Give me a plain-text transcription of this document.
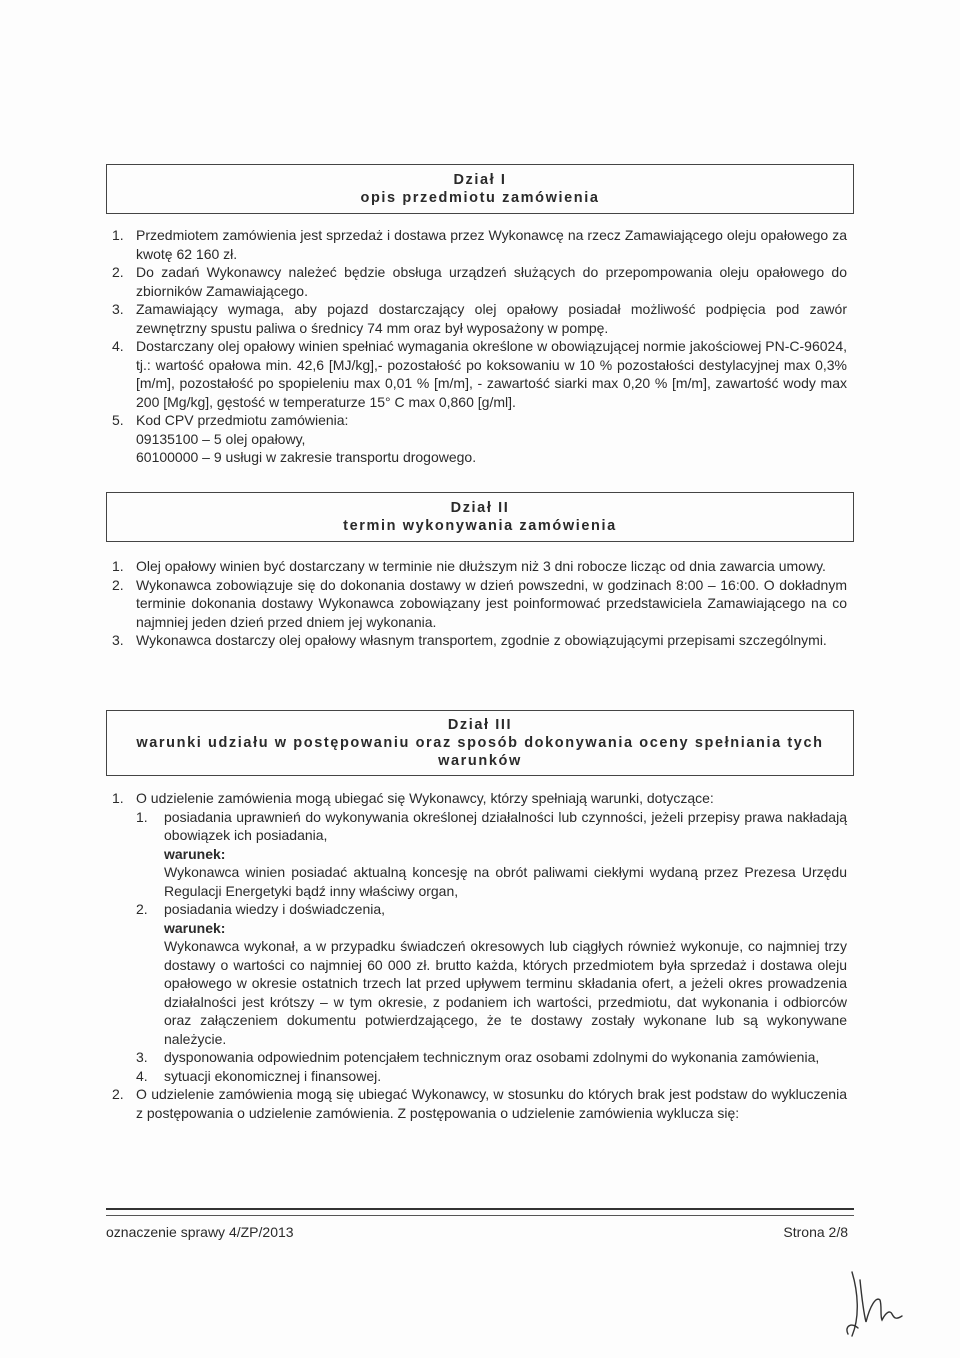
Dział I
opis przedmiotu zamówienia
1. Przedmiotem zamówienia jest sprzedaż i dostawa przez Wykonawcę na rzecz Zamawiającego oleju opałowego za kwotę 62 160 zł.
2. Do zadań Wykonawcy należeć będzie obsługa urządzeń służących do przepompowania oleju opałowego do zbiorników Zamawiającego.
3. Zamawiający wymaga, aby pojazd dostarczający olej opałowy posiadał możliwość podpięcia pod zawór zewnętrzny spustu paliwa o średnicy 74 mm oraz był wyposażony w pompę.
4. Dostarczany olej opałowy winien spełniać wymagania określone w obowiązującej normie jakościowej PN-C-96024, tj.: wartość opałowa min. 42,6 [MJ/kg],- pozostałość po koksowaniu w 10 % pozostałości destylacyjnej max 0,3% [m/m], pozostałość po spopieleniu max 0,01 % [m/m], - zawartość siarki max 0,20 % [m/m], zawartość wody max 200 [Mg/kg], gęstość w temperaturze 15° C max 0,860 [g/ml].
5. Kod CPV przedmiotu zamówienia:
09135100 – 5 olej opałowy,
60100000 – 9 usługi w zakresie transportu drogowego.
Dział II
termin wykonywania zamówienia
1. Olej opałowy winien być dostarczany w terminie nie dłuższym niż 3 dni robocze licząc od dnia zawarcia umowy.
2. Wykonawca zobowiązuje się do dokonania dostawy w dzień powszedni, w godzinach 8:00 – 16:00. O dokładnym terminie dokonania dostawy Wykonawca zobowiązany jest poinformować przedstawiciela Zamawiającego na co najmniej jeden dzień przed dniem jej wykonania.
3. Wykonawca dostarczy olej opałowy własnym transportem, zgodnie z obowiązującymi przepisami szczególnymi.
Dział III
warunki udziału w postępowaniu oraz sposób dokonywania oceny spełniania tych warunków
1. O udzielenie zamówienia mogą ubiegać się Wykonawcy, którzy spełniają warunki, dotyczące:
1. posiadania uprawnień do wykonywania określonej działalności lub czynności, jeżeli przepisy prawa nakładają obowiązek ich posiadania,
warunek:
Wykonawca winien posiadać aktualną koncesję na obrót paliwami ciekłymi wydaną przez Prezesa Urzędu Regulacji Energetyki bądź inny właściwy organ,
2. posiadania wiedzy i doświadczenia,
warunek:
Wykonawca wykonał, a w przypadku świadczeń okresowych lub ciągłych również wykonuje, co najmniej trzy dostawy o wartości co najmniej 60 000 zł. brutto każda, których przedmiotem była sprzedaż i dostawa oleju opałowego w okresie ostatnich trzech lat przed upływem terminu składania ofert, a jeżeli okres prowadzenia działalności jest krótszy – w tym okresie, z podaniem ich wartości, przedmiotu, dat wykonania i odbiorców oraz załączeniem dokumentu potwierdzającego, że te dostawy zostały wykonane lub są wykonywane należycie.
3. dysponowania odpowiednim potencjałem technicznym oraz osobami zdolnymi do wykonania zamówienia,
4. sytuacji ekonomicznej i finansowej.
2. O udzielenie zamówienia mogą się ubiegać Wykonawcy, w stosunku do których brak jest podstaw do wykluczenia z postępowania o udzielenie zamówienia. Z postępowania o udzielenie zamówienia wyklucza się:
oznaczenie sprawy 4/ZP/2013	Strona 2/8
